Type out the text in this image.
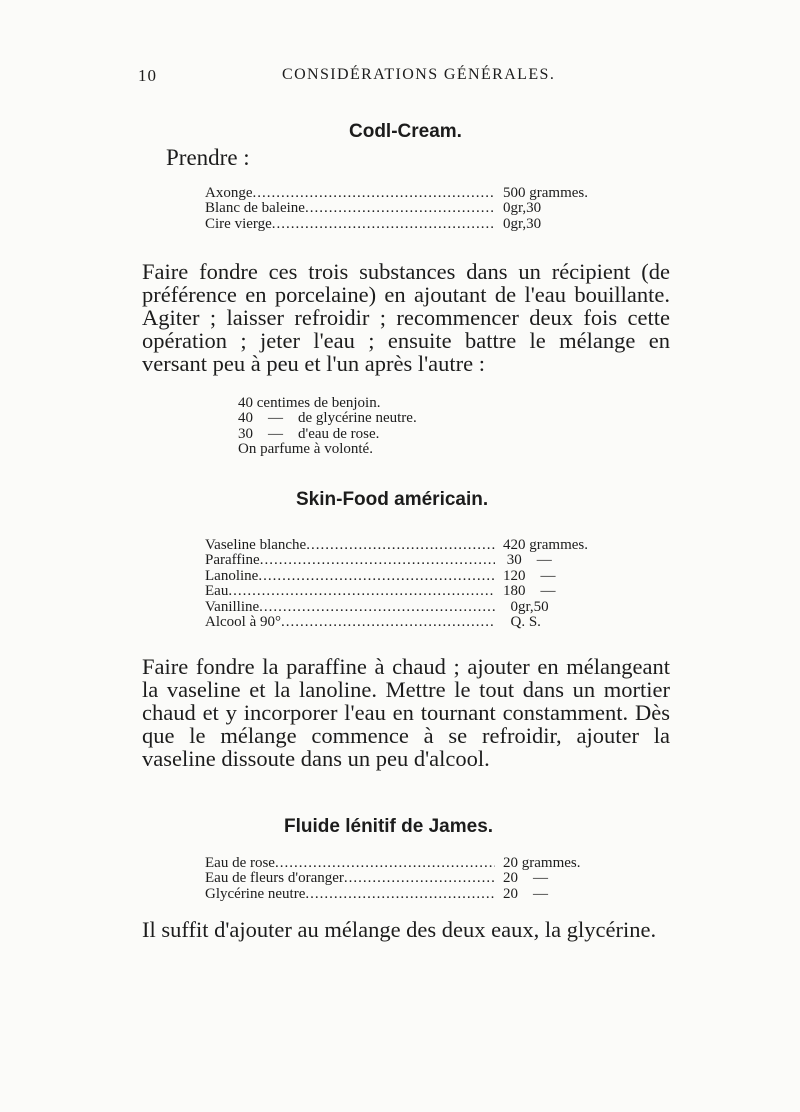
10	CONSIDÉRATIONS GÉNÉRALES.
Codl-Cream.
Prendre :
Axonge .....	500 grammes.
Blanc de baleine .....	0gr,30
Cire vierge .....	0gr,30

Faire fondre ces trois substances dans un récipient (de préférence en porcelaine) en ajoutant de l'eau bouillante. Agiter ; laisser refroidir ; recommencer deux fois cette opération ; jeter l'eau ; ensuite battre le mélange en versant peu à peu et l'un après l'autre :

40 centimes de benjoin.
40    —    de glycérine neutre.
30    —    d'eau de rose.
On parfume à volonté.
Skin-Food américain.
Vaseline blanche .....	420 grammes.
Paraffine .....	30    —
Lanoline .....	120    —
Eau .....	180    —
Vanilline .....	0gr,50
Alcool à 90° .....	Q. S.

Faire fondre la paraffine à chaud ; ajouter en mélangeant la vaseline et la lanoline. Mettre le tout dans un mortier chaud et y incorporer l'eau en tournant constamment. Dès que le mélange commence à se refroidir, ajouter la vaseline dissoute dans un peu d'alcool.

Fluide lénitif de James.
Eau de rose .....	20 grammes.
Eau de fleurs d'oranger .....	20    —
Glycérine neutre .....	20    —

Il suffit d'ajouter au mélange des deux eaux, la glycérine.
